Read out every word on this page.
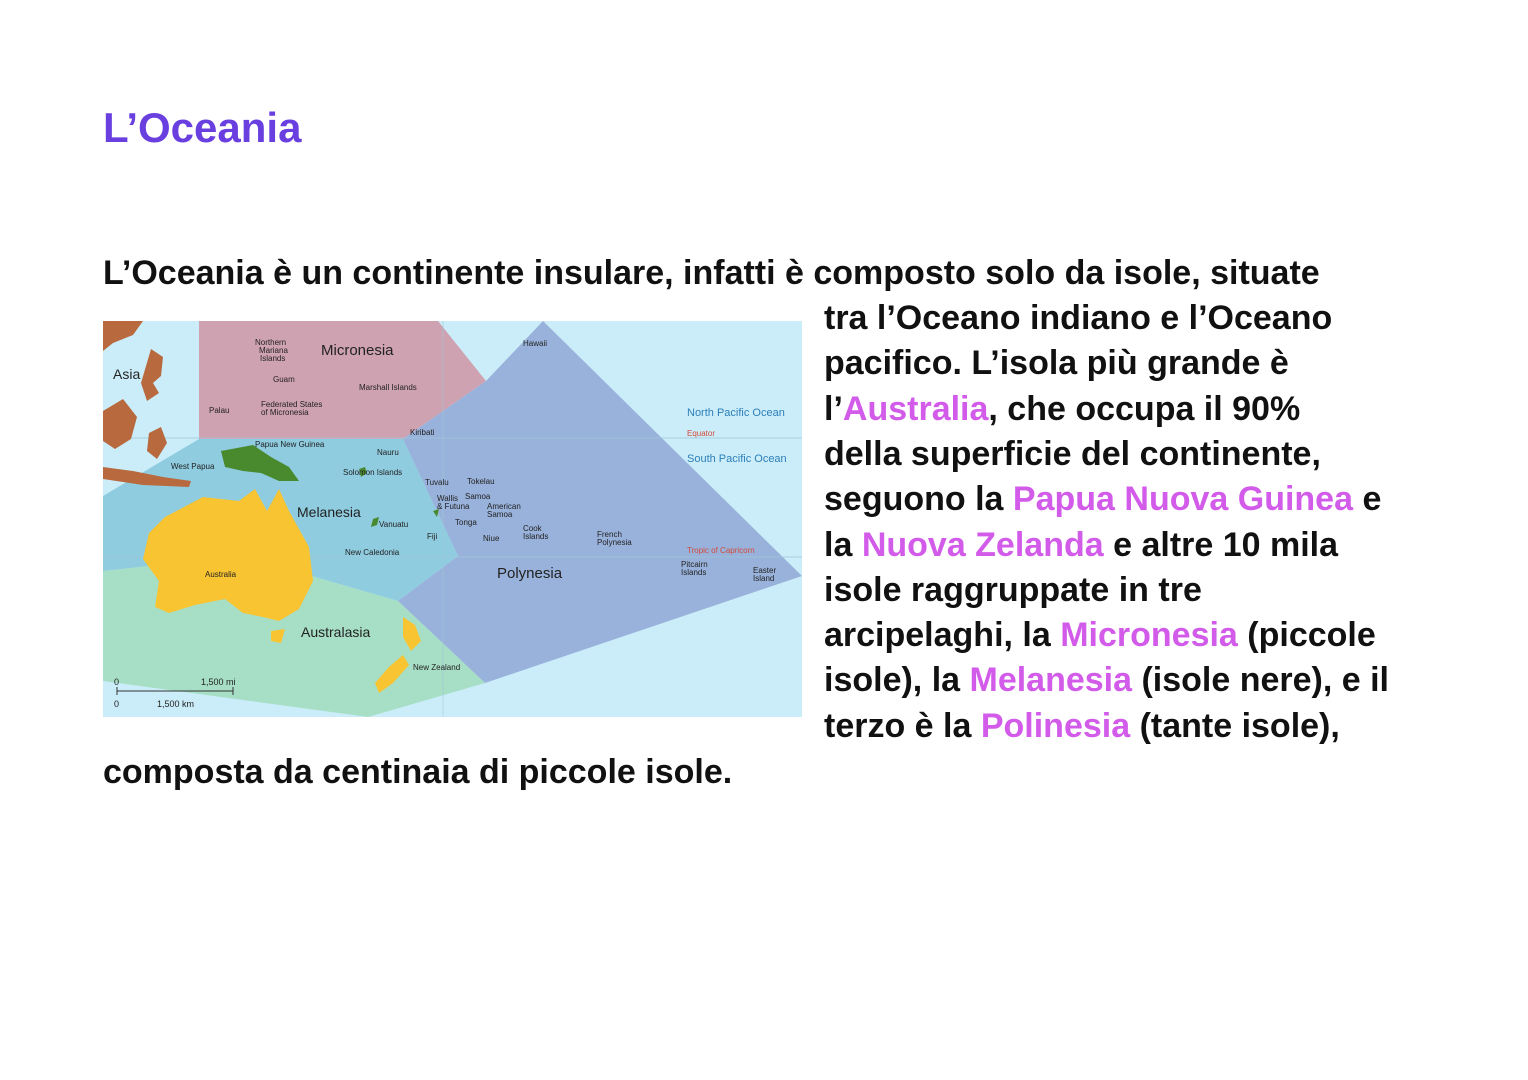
L’Oceania
L’Oceania è un continente insulare, infatti è composto solo da isole, situate
tra l’Oceano indiano e l’Oceano
pacifico. L’isola più grande è
l’Australia, che occupa il 90%
della superficie del continente,
seguono la Papua Nuova Guinea e
la Nuova Zelanda e altre 10 mila
isole raggruppate in tre
arcipelaghi, la Micronesia (piccole
isole), la Melanesia (isole nere), e il
terzo è la Polinesia (tante isole),
composta da centinaia di piccole isole.
Micronesia
Melanesia
Polynesia
Australasia
Asia
Northern
Mariana
Islands
Guam
Marshall Islands
Palau
Federated States
of Micronesia
Kiribati
Papua New Guinea
Nauru
West Papua
Solomon Islands
Tuvalu Tokelau
Wallis
& Futuna
Samoa
American
Samoa
Tonga
Vanuatu
Fiji	Niue
Cook
Islands	French
Polynesia
New Caledonia
Australia
New Zealand
Hawaii
Pitcairn
Islands	Easter
Island
North Pacific Ocean
Equator
South Pacific Ocean
Tropic of Capricorn
0	1,500 mi
0	1,500 km
